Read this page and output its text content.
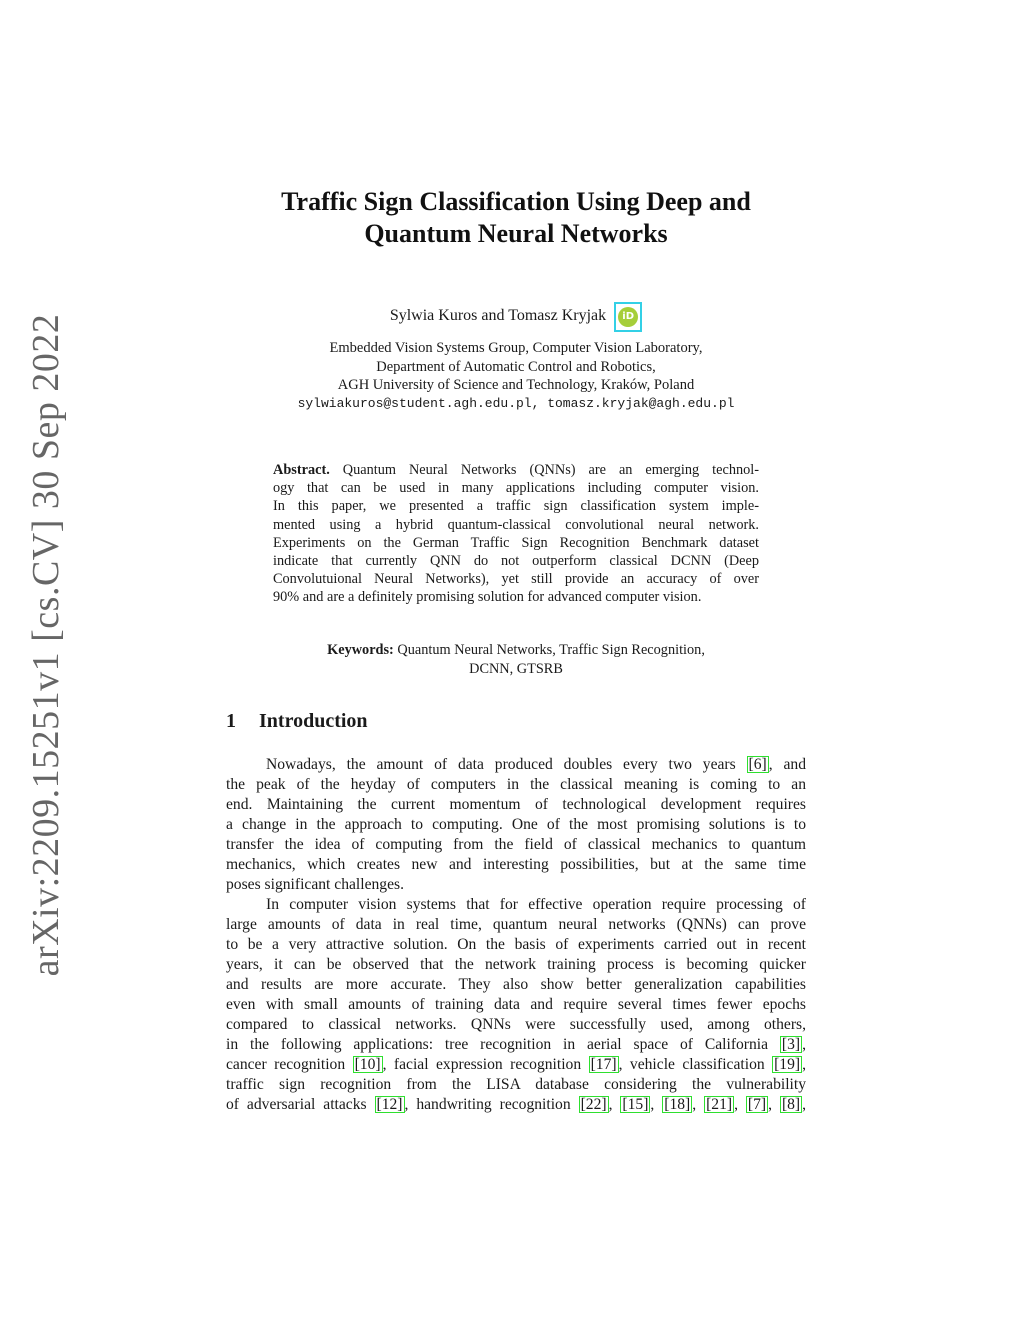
arXiv:2209.15251v1 [cs.CV] 30 Sep 2022
Traffic Sign Classification Using Deep and
Quantum Neural Networks
Sylwia Kuros and Tomasz Kryjak	iD
Embedded Vision Systems Group, Computer Vision Laboratory,
Department of Automatic Control and Robotics,
AGH University of Science and Technology, Kraków, Poland
sylwiakuros@student.agh.edu.pl, tomasz.kryjak@agh.edu.pl
Abstract. Quantum Neural Networks (QNNs) are an emerging technol-
ogy that can be used in many applications including computer vision.
In this paper, we presented a traffic sign classification system imple-
mented using a hybrid quantum-classical convolutional neural network.
Experiments on the German Traffic Sign Recognition Benchmark dataset
indicate that currently QNN do not outperform classical DCNN (Deep
Convolutuional Neural Networks), yet still provide an accuracy of over
90% and are a definitely promising solution for advanced computer vision.
Keywords: Quantum Neural Networks, Traffic Sign Recognition,
DCNN, GTSRB
1 Introduction
Nowadays, the amount of data produced doubles every two years [6] , and
the peak of the heyday of computers in the classical meaning is coming to an
end. Maintaining the current momentum of technological development requires
a change in the approach to computing. One of the most promising solutions is to
transfer the idea of computing from the field of classical mechanics to quantum
mechanics, which creates new and interesting possibilities, but at the same time
poses significant challenges.
In computer vision systems that for effective operation require processing of
large amounts of data in real time, quantum neural networks (QNNs) can prove
to be a very attractive solution. On the basis of experiments carried out in recent
years, it can be observed that the network training process is becoming quicker
and results are more accurate. They also show better generalization capabilities
even with small amounts of training data and require several times fewer epochs
compared to classical networks. QNNs were successfully used, among others,
in the following applications: tree recognition in aerial space of California [3] ,
cancer recognition [10] , facial expression recognition [17] , vehicle classification [19] ,
traffic sign recognition from the LISA database considering the vulnerability
of adversarial attacks [12] , handwriting recognition [22] , [15] , [18] , [21] , [7] , [8] ,
